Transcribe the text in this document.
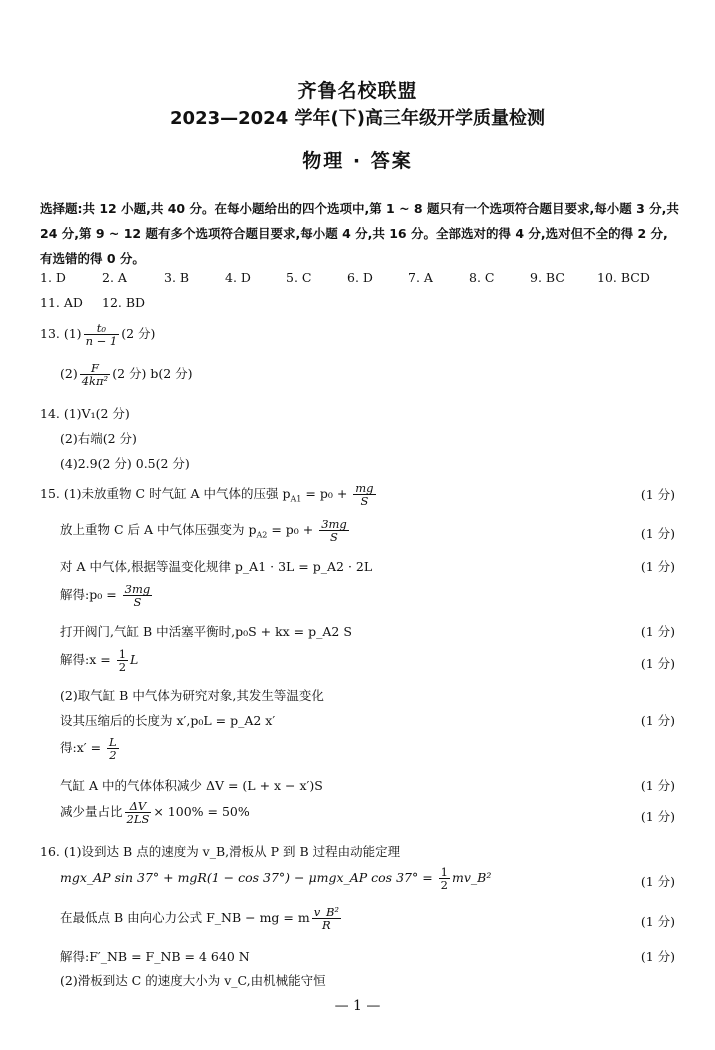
齐鲁名校联盟
2023—2024 学年(下)高三年级开学质量检测
物理 · 答案
选择题:共 12 小题,共 40 分。在每小题给出的四个选项中,第 1 ~ 8 题只有一个选项符合题目要求,每小题 3 分,共 24 分,第 9 ~ 12 题有多个选项符合题目要求,每小题 4 分,共 16 分。全部选对的得 4 分,选对但不全的得 2 分,有选错的得 0 分。
1. D	2. A	3. B	4. D	5. C	6. D	7. A	8. C	9. BC	10. BCD
11. AD	12. BD
13. $(1) \frac{\text{t₀}}{n - 1} (2$ 分)
$(2) \frac{F}{\text{4kπ²}} (2$ 分) b(2 分)
14. (1)V₁(2 分)
(2)右端(2 分)
(4)2.9(2 分) 0.5(2 分)
15. (1)未放重物 C 时气缸 A 中气体的压强 $p_{A1} = p_0 + \frac{mg}{S}$	(1 分)
放上重物 C 后 A 中气体压强变为 $p_{A2} = p_0 + \frac{3mg}{S}$	(1 分)
对 A 中气体,根据等温变化规律 p_A1 · 3L = p_A2 · 2L	(1 分)
解得:p₀ = $\frac{3mg}{S}$
打开阀门,气缸 B 中活塞平衡时,p₀S + kx = p_A2 S	(1 分)
解得:x = $\frac{1}{2}$ L	(1 分)
(2)取气缸 B 中气体为研究对象,其发生等温变化
设其压缩后的长度为 x′,p₀L = p_A2 x′	(1 分)
得:x′ = $\frac{L}{2}$
气缸 A 中的气体体积减少 ΔV = (L + x − x′)S	(1 分)
减少量占比 $\frac{\Delta V}{2LS} \times 100\% = 50\%$	(1 分)
16. (1)设到达 B 点的速度为 v_B,滑板从 P 到 B 过程由动能定理
mgx_AP sin 37° + mgR(1 − cos 37°) − μmgx_AP $\cos 37^\circ = \frac{1}{2}$ mv_B²	(1 分)
在最低点 B 由向心力公式 F_NB − mg = m $\frac{\text{v\_B²}}{R}$	(1 分)
解得:F′_NB = F_NB = 4 640 N	(1 分)
(2)滑板到达 C 的速度大小为 v_C,由机械能守恒
— 1 —
